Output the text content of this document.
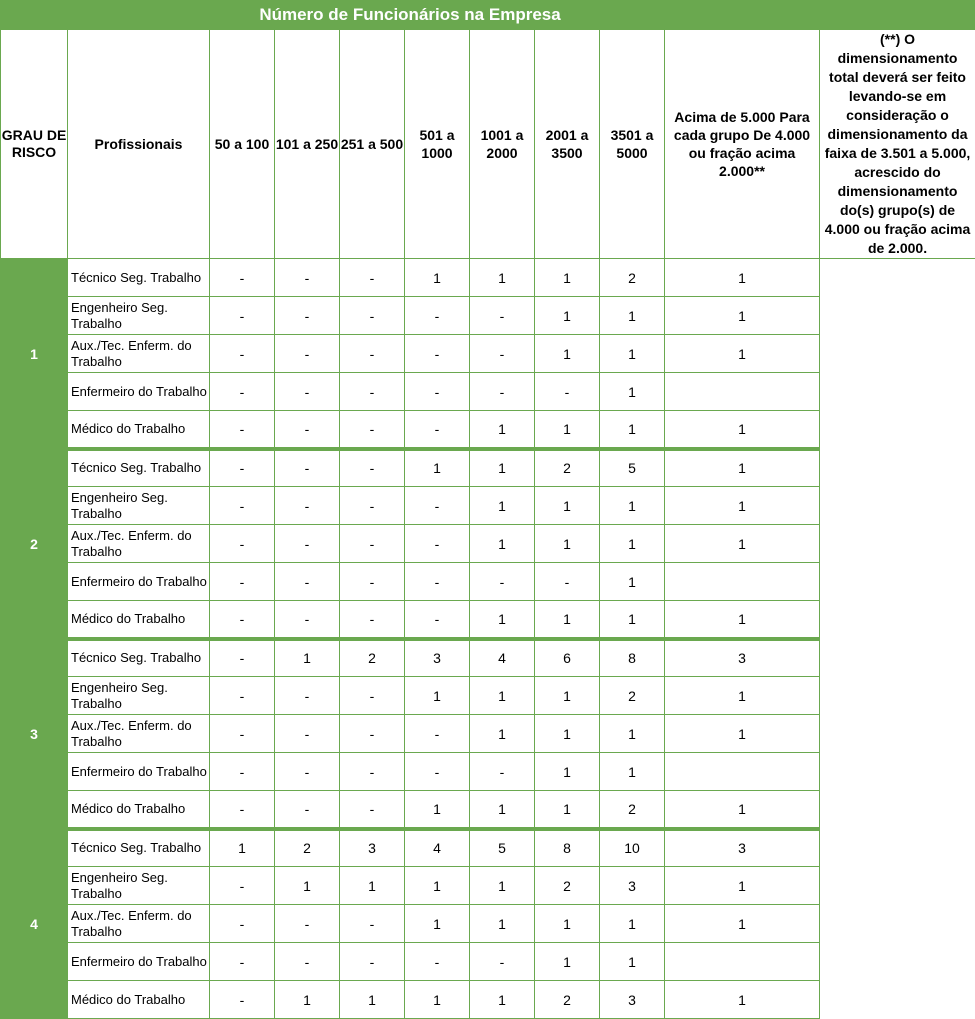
Número de Funcionários na Empresa										
GRAU DE RISCO	Profissionais	50 a 100	101 a 250	251 a 500	501 a 1000	1001 a 2000	2001 a 3500	3501 a 5000	Acima de 5.000 Para cada grupo De 4.000 ou fração acima 2.000**	(**) O dimensionamento total deverá ser feito levando-se em consideração o dimensionamento da faixa de 3.501 a 5.000, acrescido do dimensionamento do(s) grupo(s) de 4.000 ou fração acima de 2.000.
1	Técnico Seg. Trabalho	-	-	-	1	1	1	2	1	
	Engenheiro Seg. Trabalho	-	-	-	-	-	1	1	1	
	Aux./Tec. Enferm. do Trabalho	-	-	-	-	-	1	1	1	
	Enfermeiro do Trabalho	-	-	-	-	-	-	1		
	Médico do Trabalho	-	-	-	-	1	1	1	1	
2	Técnico Seg. Trabalho	-	-	-	1	1	2	5	1	
	Engenheiro Seg. Trabalho	-	-	-	-	1	1	1	1	
	Aux./Tec. Enferm. do Trabalho	-	-	-	-	1	1	1	1	
	Enfermeiro do Trabalho	-	-	-	-	-	-	1		
	Médico do Trabalho	-	-	-	-	1	1	1	1	
3	Técnico Seg. Trabalho	-	1	2	3	4	6	8	3	
	Engenheiro Seg. Trabalho	-	-	-	1	1	1	2	1	
	Aux./Tec. Enferm. do Trabalho	-	-	-	-	1	1	1	1	
	Enfermeiro do Trabalho	-	-	-	-	-	1	1		
	Médico do Trabalho	-	-	-	1	1	1	2	1	
4	Técnico Seg. Trabalho	1	2	3	4	5	8	10	3	
	Engenheiro Seg. Trabalho	-	1	1	1	1	2	3	1	
	Aux./Tec. Enferm. do Trabalho	-	-	-	1	1	1	1	1	
	Enfermeiro do Trabalho	-	-	-	-	-	1	1		
	Médico do Trabalho	-	1	1	1	1	2	3	1	
